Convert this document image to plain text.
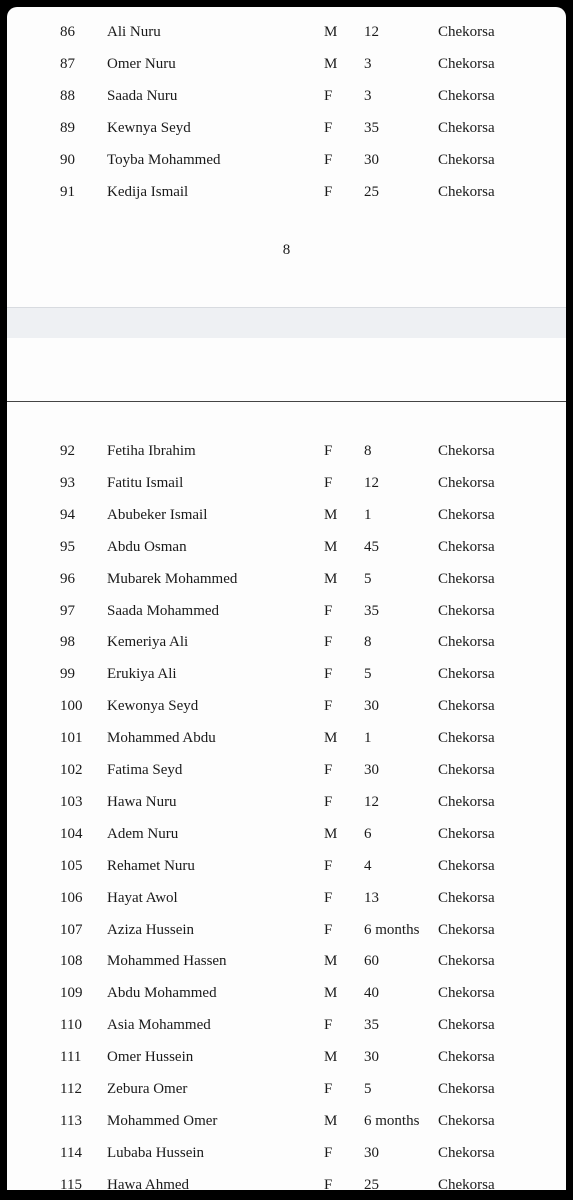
86 Ali Nuru	M 12	Chekorsa
87 Omer Nuru	M 3	Chekorsa
88 Saada Nuru	F 3	Chekorsa
89 Kewnya Seyd	F 35	Chekorsa
90 Toyba Mohammed	F 30	Chekorsa
91 Kedija Ismail	F 25	Chekorsa
8
92 Fetiha Ibrahim	F 8	Chekorsa
93 Fatitu Ismail	F 12	Chekorsa
94 Abubeker Ismail	M 1	Chekorsa
95 Abdu Osman	M 45	Chekorsa
96 Mubarek Mohammed	M 5	Chekorsa
97 Saada Mohammed	F 35	Chekorsa
98 Kemeriya Ali	F 8	Chekorsa
99 Erukiya Ali	F 5	Chekorsa
100 Kewonya Seyd	F 30	Chekorsa
101 Mohammed Abdu	M 1	Chekorsa
102 Fatima Seyd	F 30	Chekorsa
103 Hawa Nuru	F 12	Chekorsa
104 Adem Nuru	M 6	Chekorsa
105 Rehamet Nuru	F 4	Chekorsa
106 Hayat Awol	F 13	Chekorsa
107 Aziza Hussein	F 6 months Chekorsa
108 Mohammed Hassen	M 60	Chekorsa
109 Abdu Mohammed	M 40	Chekorsa
110 Asia Mohammed	F 35	Chekorsa
111 Omer Hussein	M 30	Chekorsa
112 Zebura Omer	F 5	Chekorsa
113 Mohammed Omer	M 6 months Chekorsa
114 Lubaba Hussein	F 30	Chekorsa
115 Hawa Ahmed	F 25	Chekorsa
